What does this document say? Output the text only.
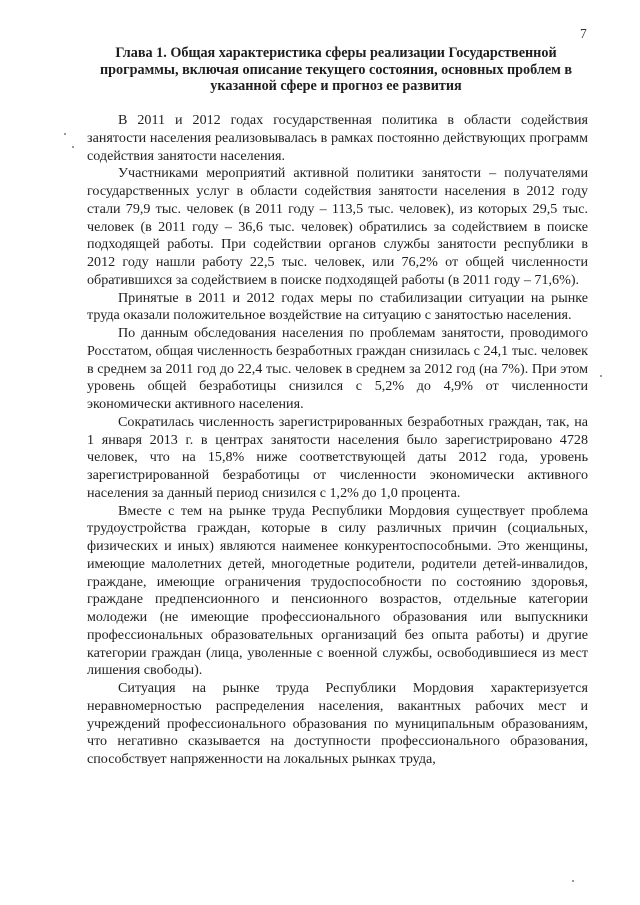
7
Глава 1. Общая характеристика сферы реализации Государственной программы, включая описание текущего состояния, основных проблем в указанной сфере и прогноз ее развития

В 2011 и 2012 годах государственная политика в области содействия занятости населения реализовывалась в рамках постоянно действующих программ содействия занятости населения.

Участниками мероприятий активной политики занятости – получателями государственных услуг в области содействия занятости населения в 2012 году стали 79,9 тыс. человек (в 2011 году – 113,5 тыс. человек), из которых 29,5 тыс. человек (в 2011 году – 36,6 тыс. человек) обратились за содействием в поиске подходящей работы. При содействии органов службы занятости республики в 2012 году нашли работу 22,5 тыс. человек, или 76,2% от общей численности обратившихся за содействием в поиске подходящей работы (в 2011 году – 71,6%).

Принятые в 2011 и 2012 годах меры по стабилизации ситуации на рынке труда оказали положительное воздействие на ситуацию с занятостью населения.

По данным обследования населения по проблемам занятости, проводимого Росстатом, общая численность безработных граждан снизилась с 24,1 тыс. человек в среднем за 2011 год до 22,4 тыс. человек в среднем за 2012 год (на 7%). При этом уровень общей безработицы снизился с 5,2% до 4,9% от численности экономически активного населения.

Сократилась численность зарегистрированных безработных граждан, так, на 1 января 2013 г. в центрах занятости населения было зарегистрировано 4728 человек, что на 15,8% ниже соответствующей даты 2012 года, уровень зарегистрированной безработицы от численности экономически активного населения за данный период снизился с 1,2% до 1,0 процента.

Вместе с тем на рынке труда Республики Мордовия существует проблема трудоустройства граждан, которые в силу различных причин (социальных, физических и иных) являются наименее конкурентоспособными. Это женщины, имеющие малолетних детей, многодетные родители, родители детей-инвалидов, граждане, имеющие ограничения трудоспособности по состоянию здоровья, граждане предпенсионного и пенсионного возрастов, отдельные категории молодежи (не имеющие профессионального образования или выпускники профессиональных образовательных организаций без опыта работы) и другие категории граждан (лица, уволенные с военной службы, освободившиеся из мест лишения свободы).

Ситуация на рынке труда Республики Мордовия характеризуется неравномерностью распределения населения, вакантных рабочих мест и учреждений профессионального образования по муниципальным образованиям, что негативно сказывается на доступности профессионального образования, способствует напряженности на локальных рынках труда,
